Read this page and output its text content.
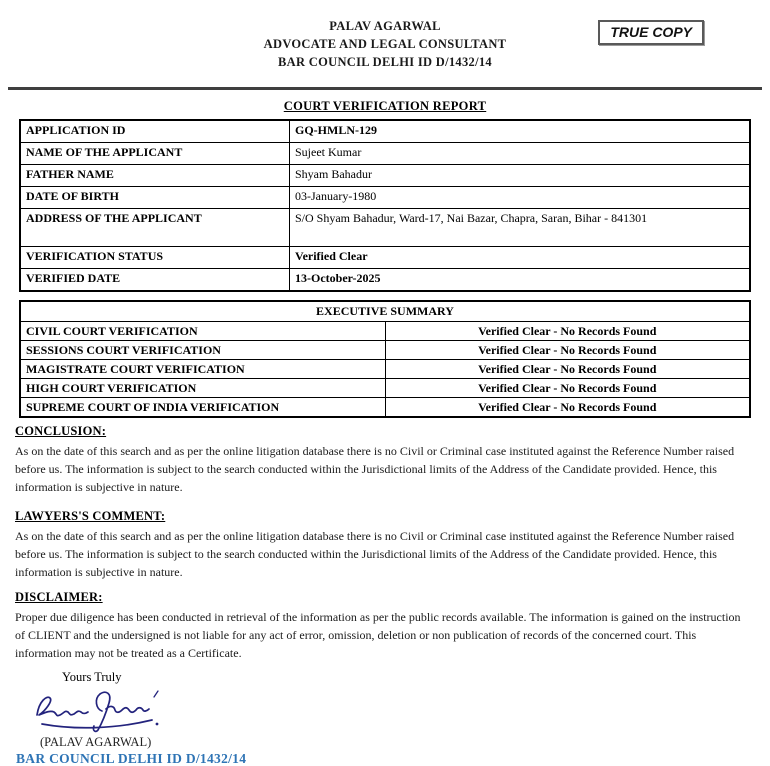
TRUE COPY
PALAV AGARWAL
ADVOCATE AND LEGAL CONSULTANT
BAR COUNCIL DELHI ID D/1432/14
COURT VERIFICATION REPORT
APPLICATION ID	GQ-HMLN-129
NAME OF THE APPLICANT	Sujeet Kumar
FATHER NAME	Shyam Bahadur
DATE OF BIRTH	03-January-1980
ADDRESS OF THE APPLICANT	S/O Shyam Bahadur, Ward-17, Nai Bazar, Chapra, Saran, Bihar - 841301
VERIFICATION STATUS	Verified Clear
VERIFIED DATE	13-October-2025
EXECUTIVE SUMMARY	
CIVIL COURT VERIFICATION	Verified Clear - No Records Found
SESSIONS COURT VERIFICATION	Verified Clear - No Records Found
MAGISTRATE COURT VERIFICATION	Verified Clear - No Records Found
HIGH COURT VERIFICATION	Verified Clear - No Records Found
SUPREME COURT OF INDIA VERIFICATION	Verified Clear - No Records Found
CONCLUSION:

As on the date of this search and as per the online litigation database there is no Civil or Criminal case instituted against the Reference Number raised before us. The information is subject to the search conducted within the Jurisdictional limits of the Address of the Candidate provided. Hence, this information is subjective in nature.

LAWYERS'S COMMENT:

As on the date of this search and as per the online litigation database there is no Civil or Criminal case instituted against the Reference Number raised before us. The information is subject to the search conducted within the Jurisdictional limits of the Address of the Candidate provided. Hence, this information is subjective in nature.

DISCLAIMER:

Proper due diligence has been conducted in retrieval of the information as per the public records available. The information is gained on the instruction of CLIENT and the undersigned is not liable for any act of error, omission, deletion or non publication of records of the concerned court. This information may not be treated as a Certificate.

Yours Truly
(PALAV AGARWAL)
BAR COUNCIL DELHI ID D/1432/14
